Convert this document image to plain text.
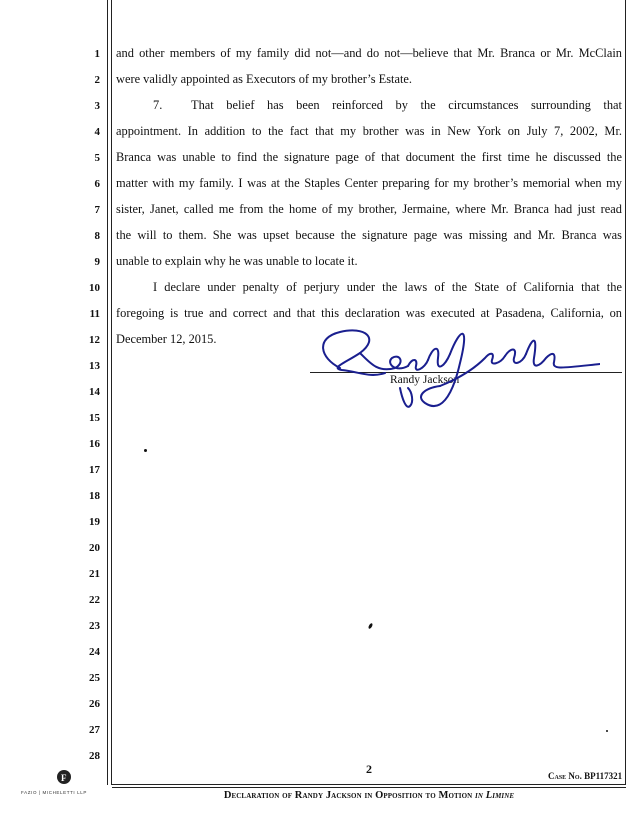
1
2
3
4
5
6
7
8
9
10
11
12
13
14
15
16
17
18
19
20
21
22
23
24
25
26
27
28
and other members of my family did not—and do not—believe that Mr. Branca or Mr. McClain
were validly appointed as Executors of my brother’s Estate.
7. That belief has been reinforced by the circumstances surrounding that
appointment. In addition to the fact that my brother was in New York on July 7, 2002, Mr.
Branca was unable to find the signature page of that document the first time he discussed the
matter with my family. I was at the Staples Center preparing for my brother’s memorial when my
sister, Janet, called me from the home of my brother, Jermaine, where Mr. Branca had just read
the will to them. She was upset because the signature page was missing and Mr. Branca was
unable to explain why he was unable to locate it.
I declare under penalty of perjury under the laws of the State of California that the
foregoing is true and correct and that this declaration was executed at Pasadena, California, on
December 12, 2015.
Randy Jackson
2	Case No. BP117321
Declaration of Randy Jackson in Opposition to Motion in Limine
F
FAZIO | MICHELETTI LLP
